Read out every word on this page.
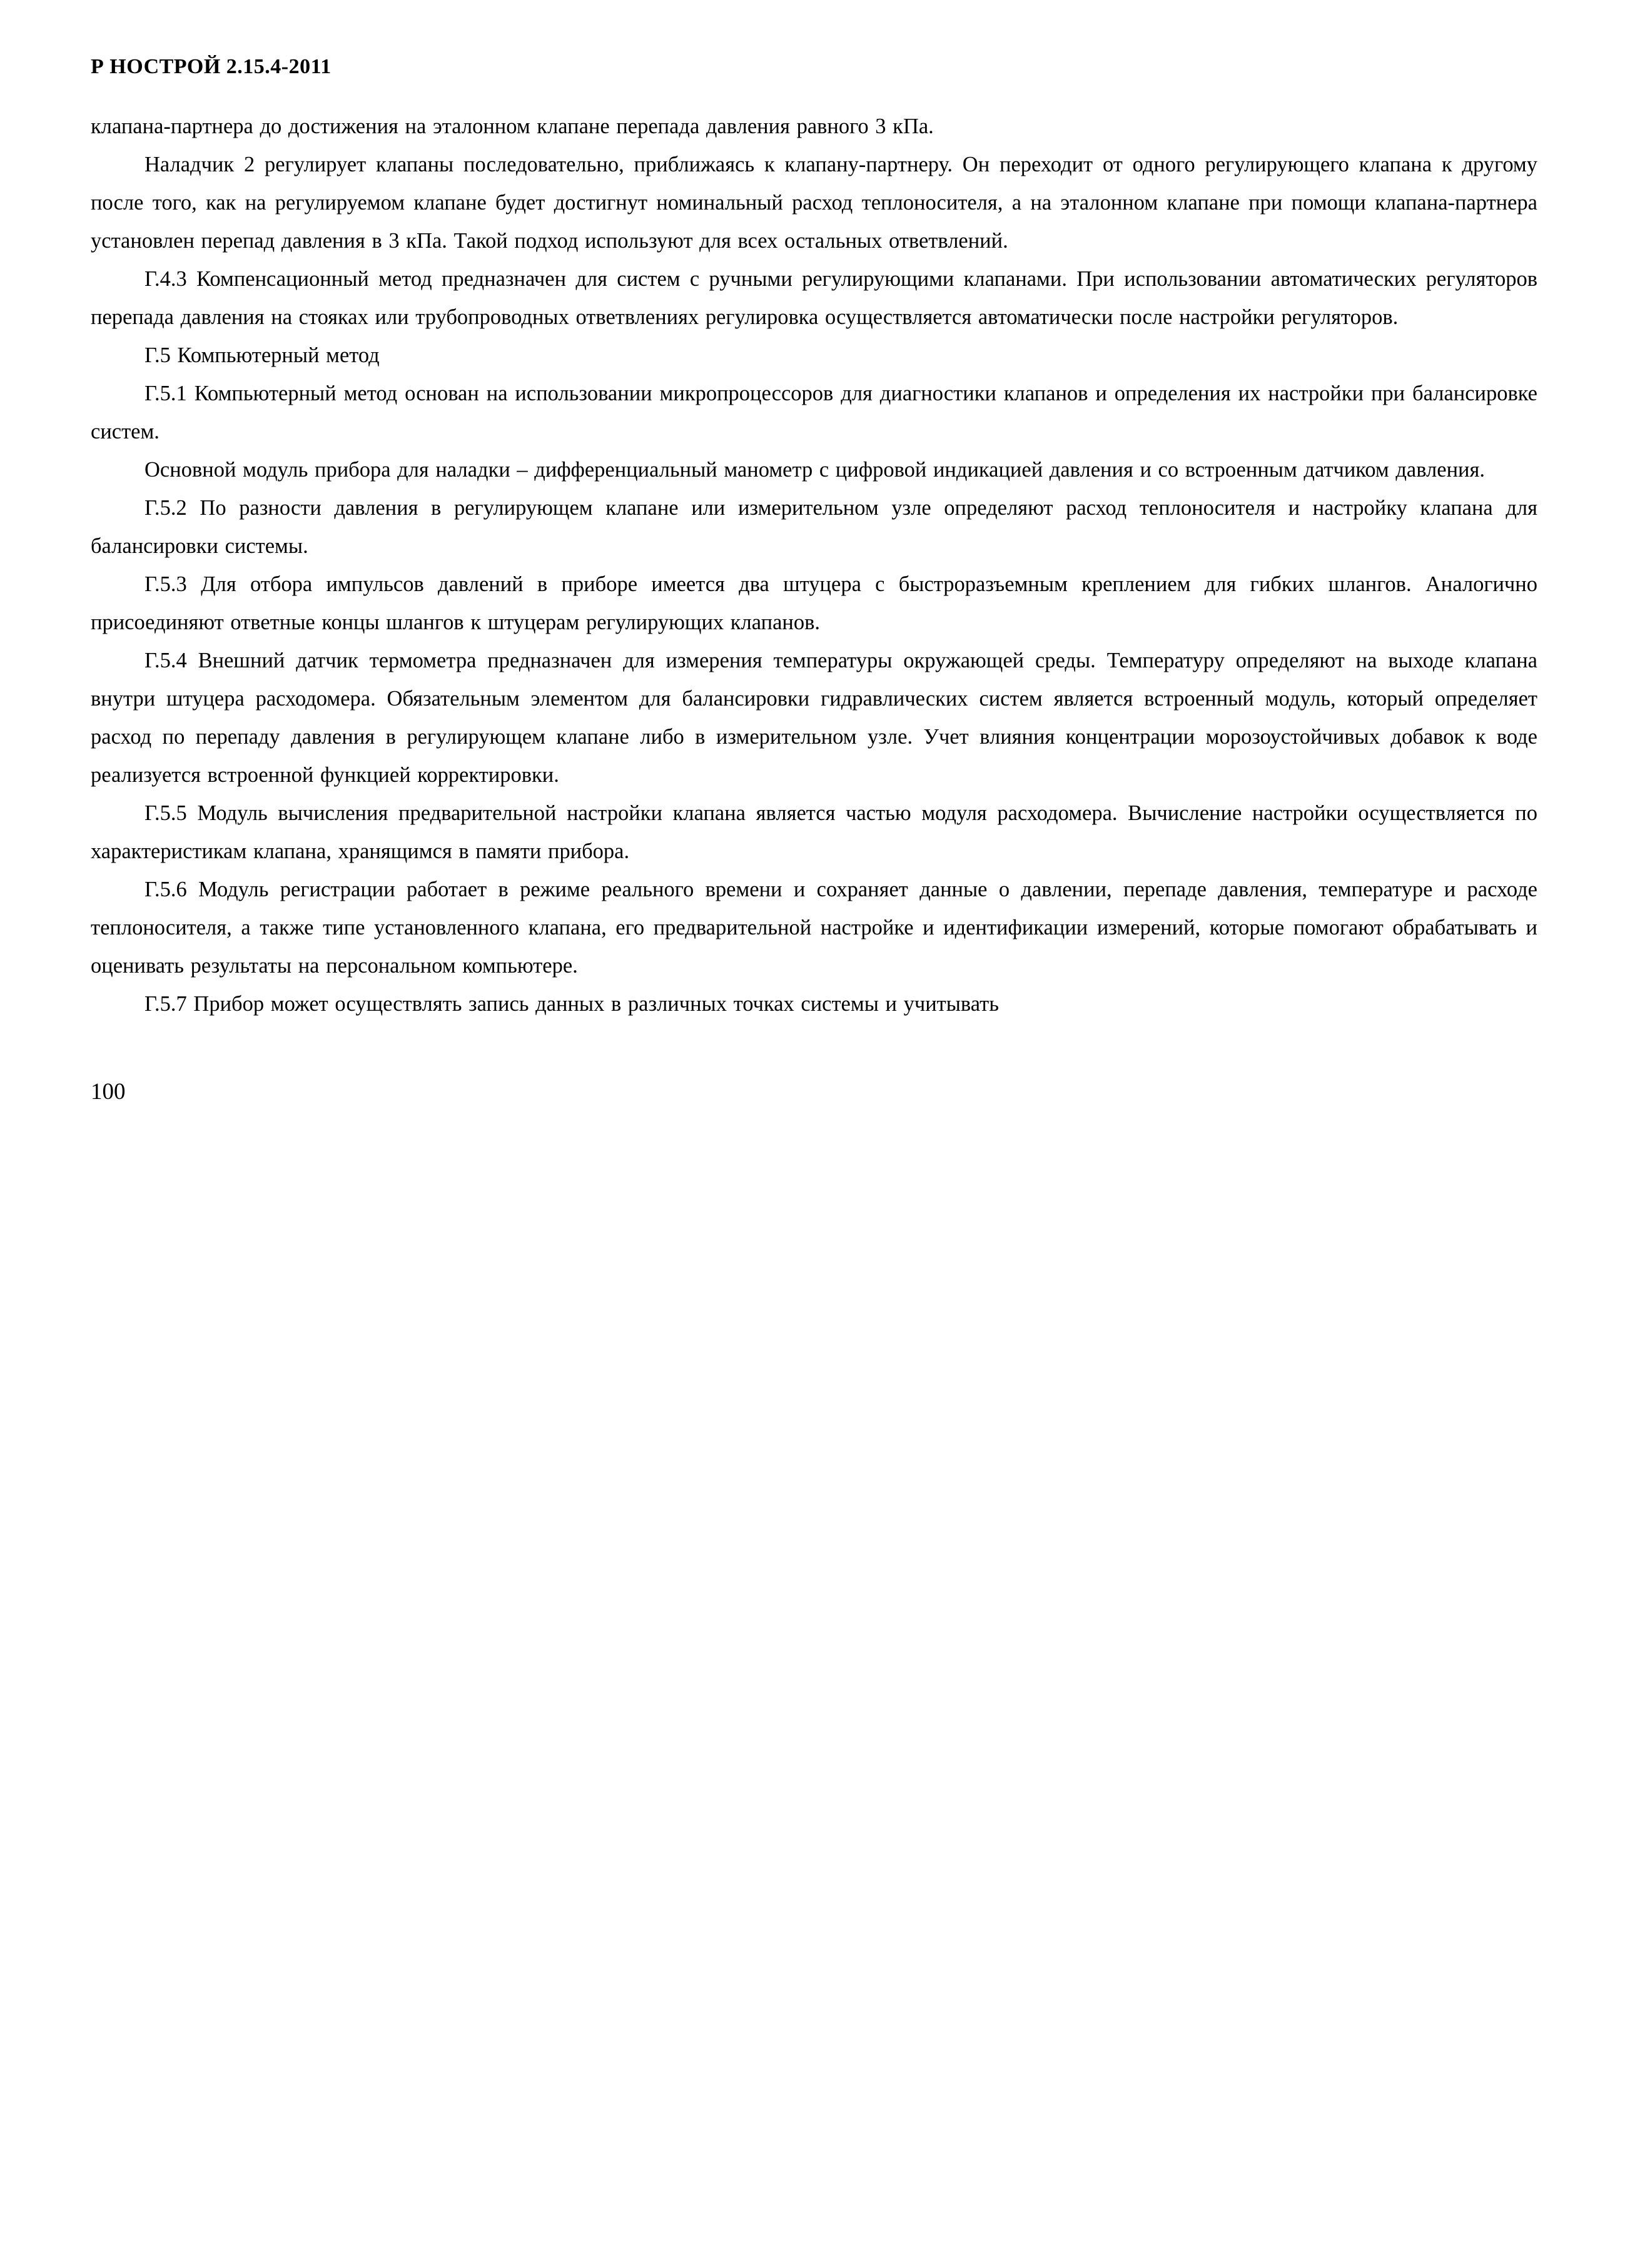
Р НОСТРОЙ 2.15.4-2011

клапана-партнера до достижения на эталонном клапане перепада давления равного 3 кПа.

Наладчик 2 регулирует клапаны последовательно, приближаясь к клапану-партнеру. Он переходит от одного регулирующего клапана к другому после того, как на регулируемом клапане будет достигнут номинальный расход теплоносителя, а на эталонном клапане при помощи клапана-партнера установлен перепад давления в 3 кПа. Такой подход используют для всех остальных ответвлений.

Г.4.3 Компенсационный метод предназначен для систем с ручными регулирующими клапанами. При использовании автоматических регуляторов перепада давления на стояках или трубопроводных ответвлениях регулировка осуществляется автоматически после настройки регуляторов.

Г.5 Компьютерный метод

Г.5.1 Компьютерный метод основан на использовании микропроцессоров для диагностики клапанов и определения их настройки при балансировке систем.

Основной модуль прибора для наладки – дифференциальный манометр с цифровой индикацией давления и со встроенным датчиком давления.

Г.5.2 По разности давления в регулирующем клапане или измерительном узле определяют расход теплоносителя и настройку клапана для балансировки системы.

Г.5.3 Для отбора импульсов давлений в приборе имеется два штуцера с быстроразъемным креплением для гибких шлангов. Аналогично присоединяют ответные концы шлангов к штуцерам регулирующих клапанов.

Г.5.4 Внешний датчик термометра предназначен для измерения температуры окружающей среды. Температуру определяют на выходе клапана внутри штуцера расходомера. Обязательным элементом для балансировки гидравлических систем является встроенный модуль, который определяет расход по перепаду давления в регулирующем клапане либо в измерительном узле. Учет влияния концентрации морозоустойчивых добавок к воде реализуется встроенной функцией корректировки.

Г.5.5 Модуль вычисления предварительной настройки клапана является частью модуля расходомера. Вычисление настройки осуществляется по характеристикам клапана, хранящимся в памяти прибора.

Г.5.6 Модуль регистрации работает в режиме реального времени и сохраняет данные о давлении, перепаде давления, температуре и расходе теплоносителя, а также типе установленного клапана, его предварительной настройке и идентификации измерений, которые помогают обрабатывать и оценивать результаты на персональном компьютере.

Г.5.7 Прибор может осуществлять запись данных в различных точках системы и учитывать

100
